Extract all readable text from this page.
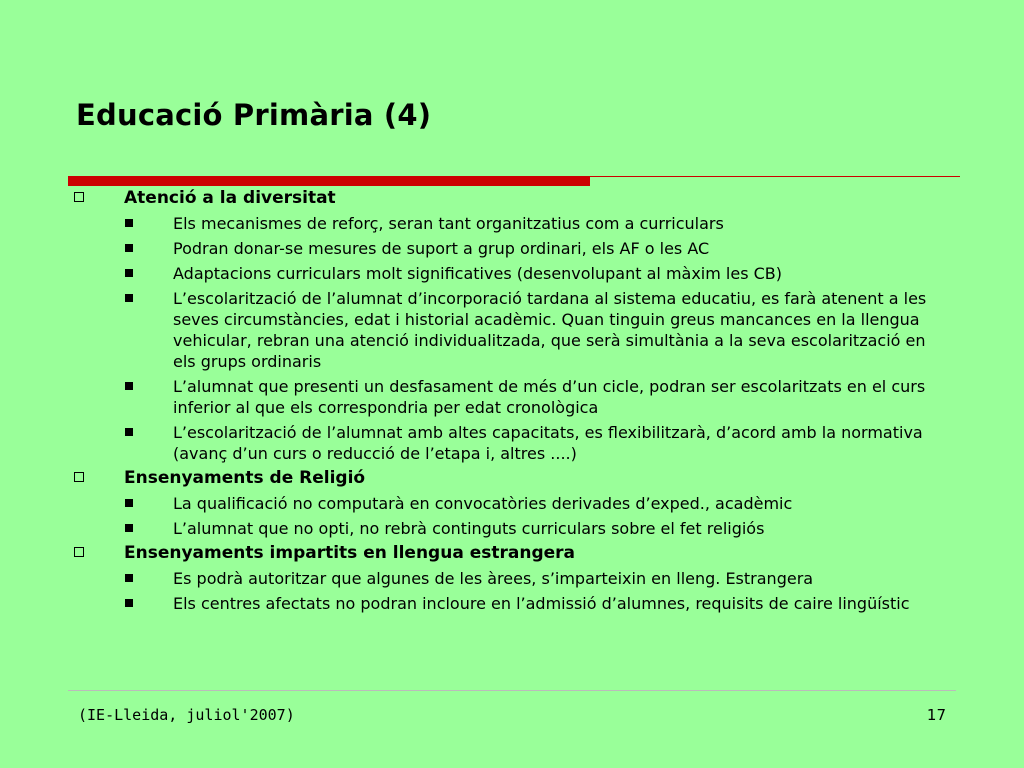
Educació Primària (4)
Atenció a la diversitat
Els mecanismes de reforç, seran tant organitzatius com a curriculars
Podran donar-se mesures de suport a grup ordinari, els AF o les AC
Adaptacions curriculars molt significatives (desenvolupant al màxim les CB)
L’escolarització de l’alumnat d’incorporació tardana al sistema educatiu, es farà atenent a les seves circumstàncies, edat i historial acadèmic. Quan tinguin greus mancances en la llengua vehicular, rebran una atenció individualitzada, que serà simultània a la seva escolarització en els grups ordinaris
L’alumnat que presenti un desfasament de més d’un cicle, podran ser escolaritzats en el curs inferior al que els correspondria per edat cronològica
L’escolarització de l’alumnat amb altes capacitats, es flexibilitzarà, d’acord amb la normativa (avanç d’un curs o reducció de l’etapa i, altres ....)
Ensenyaments de Religió
La qualificació no computarà en convocatòries derivades d’exped., acadèmic
L’alumnat que no opti, no rebrà continguts curriculars sobre el fet religiós
Ensenyaments impartits en llengua estrangera
Es podrà autoritzar que algunes de les àrees, s’imparteixin en lleng. Estrangera
Els centres afectats no podran incloure en l’admissió d’alumnes, requisits de caire lingüístic
(IE-Lleida, juliol'2007)	17
